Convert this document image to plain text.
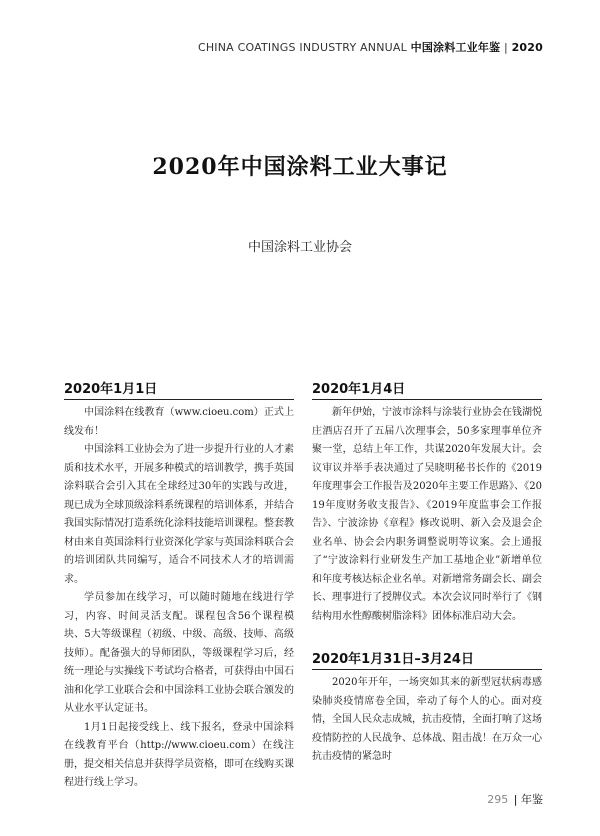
CHINA COATINGS INDUSTRY ANNUAL 中国涂料工业年鉴 | 2020
2020年中国涂料工业大事记
中国涂料工业协会
2020年1月1日

中国涂料在线教育（www.cioeu.com）正式上线发布！

中国涂料工业协会为了进一步提升行业的人才素质和技术水平，开展多种模式的培训教学，携手英国涂料联合会引入其在全球经过30年的实践与改进，现已成为全球顶级涂料系统课程的培训体系，并结合我国实际情况打造系统化涂料技能培训课程。整套教材由来自英国涂料行业资深化学家与英国涂料联合会的培训团队共同编写，适合不同技术人才的培训需求。

学员参加在线学习，可以随时随地在线进行学习，内容、时间灵活支配。课程包含56个课程模块、5大等级课程（初级、中级、高级、技师、高级技师）。配备强大的导师团队，等级课程学习后，经统一理论与实操线下考试均合格者，可获得由中国石油和化学工业联合会和中国涂料工业协会联合颁发的从业水平认定证书。

1月1日起接受线上、线下报名，登录中国涂料在线教育平台（http://www.cioeu.com）在线注册，提交相关信息并获得学员资格，即可在线购买课程进行线上学习。

2020年1月4日

新年伊始，宁波市涂料与涂装行业协会在钱湖悦庄酒店召开了五届八次理事会，50多家理事单位齐聚一堂，总结上年工作，共谋2020年发展大计。会议审议并举手表决通过了吴晓明秘书长作的《2019年度理事会工作报告及2020年主要工作思路》、《2019年度财务收支报告》、《2019年度监事会工作报告》、宁波涂协《章程》修改说明、新入会及退会企业名单、协会会内职务调整说明等议案。会上通报了“宁波涂料行业研发生产加工基地企业”新增单位和年度考核达标企业名单。对新增常务副会长、副会长、理事进行了授牌仪式。本次会议同时举行了《钢结构用水性醇酸树脂涂料》团体标准启动大会。

2020年1月31日–3月24日

2020年开年，一场突如其来的新型冠状病毒感染肺炎疫情席卷全国，牵动了每个人的心。面对疫情，全国人民众志成城，抗击疫情，全面打响了这场疫情防控的人民战争、总体战、阻击战！在万众一心抗击疫情的紧急时

295 | 年鉴
